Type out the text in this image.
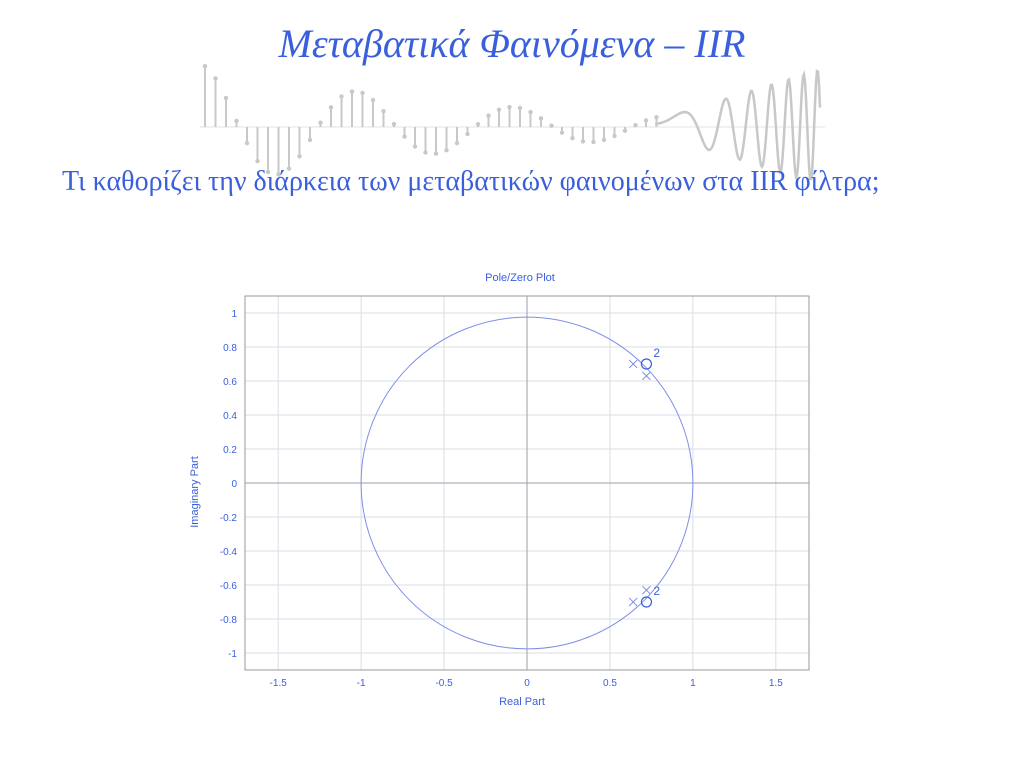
Μεταβατικά Φαινόμενα – IIR

Τι καθορίζει την διάρκεια των μεταβατικών φαινομένων στα IIR φίλτρα;

2
2
-1.5	-1	-0.5	0	0.5	1	1.5
1
0.8
0.6
0.4
0.2
0
-0.2
-0.4
-0.6
-0.8
-1
Pole/Zero Plot
Real Part
Imaginary Part
